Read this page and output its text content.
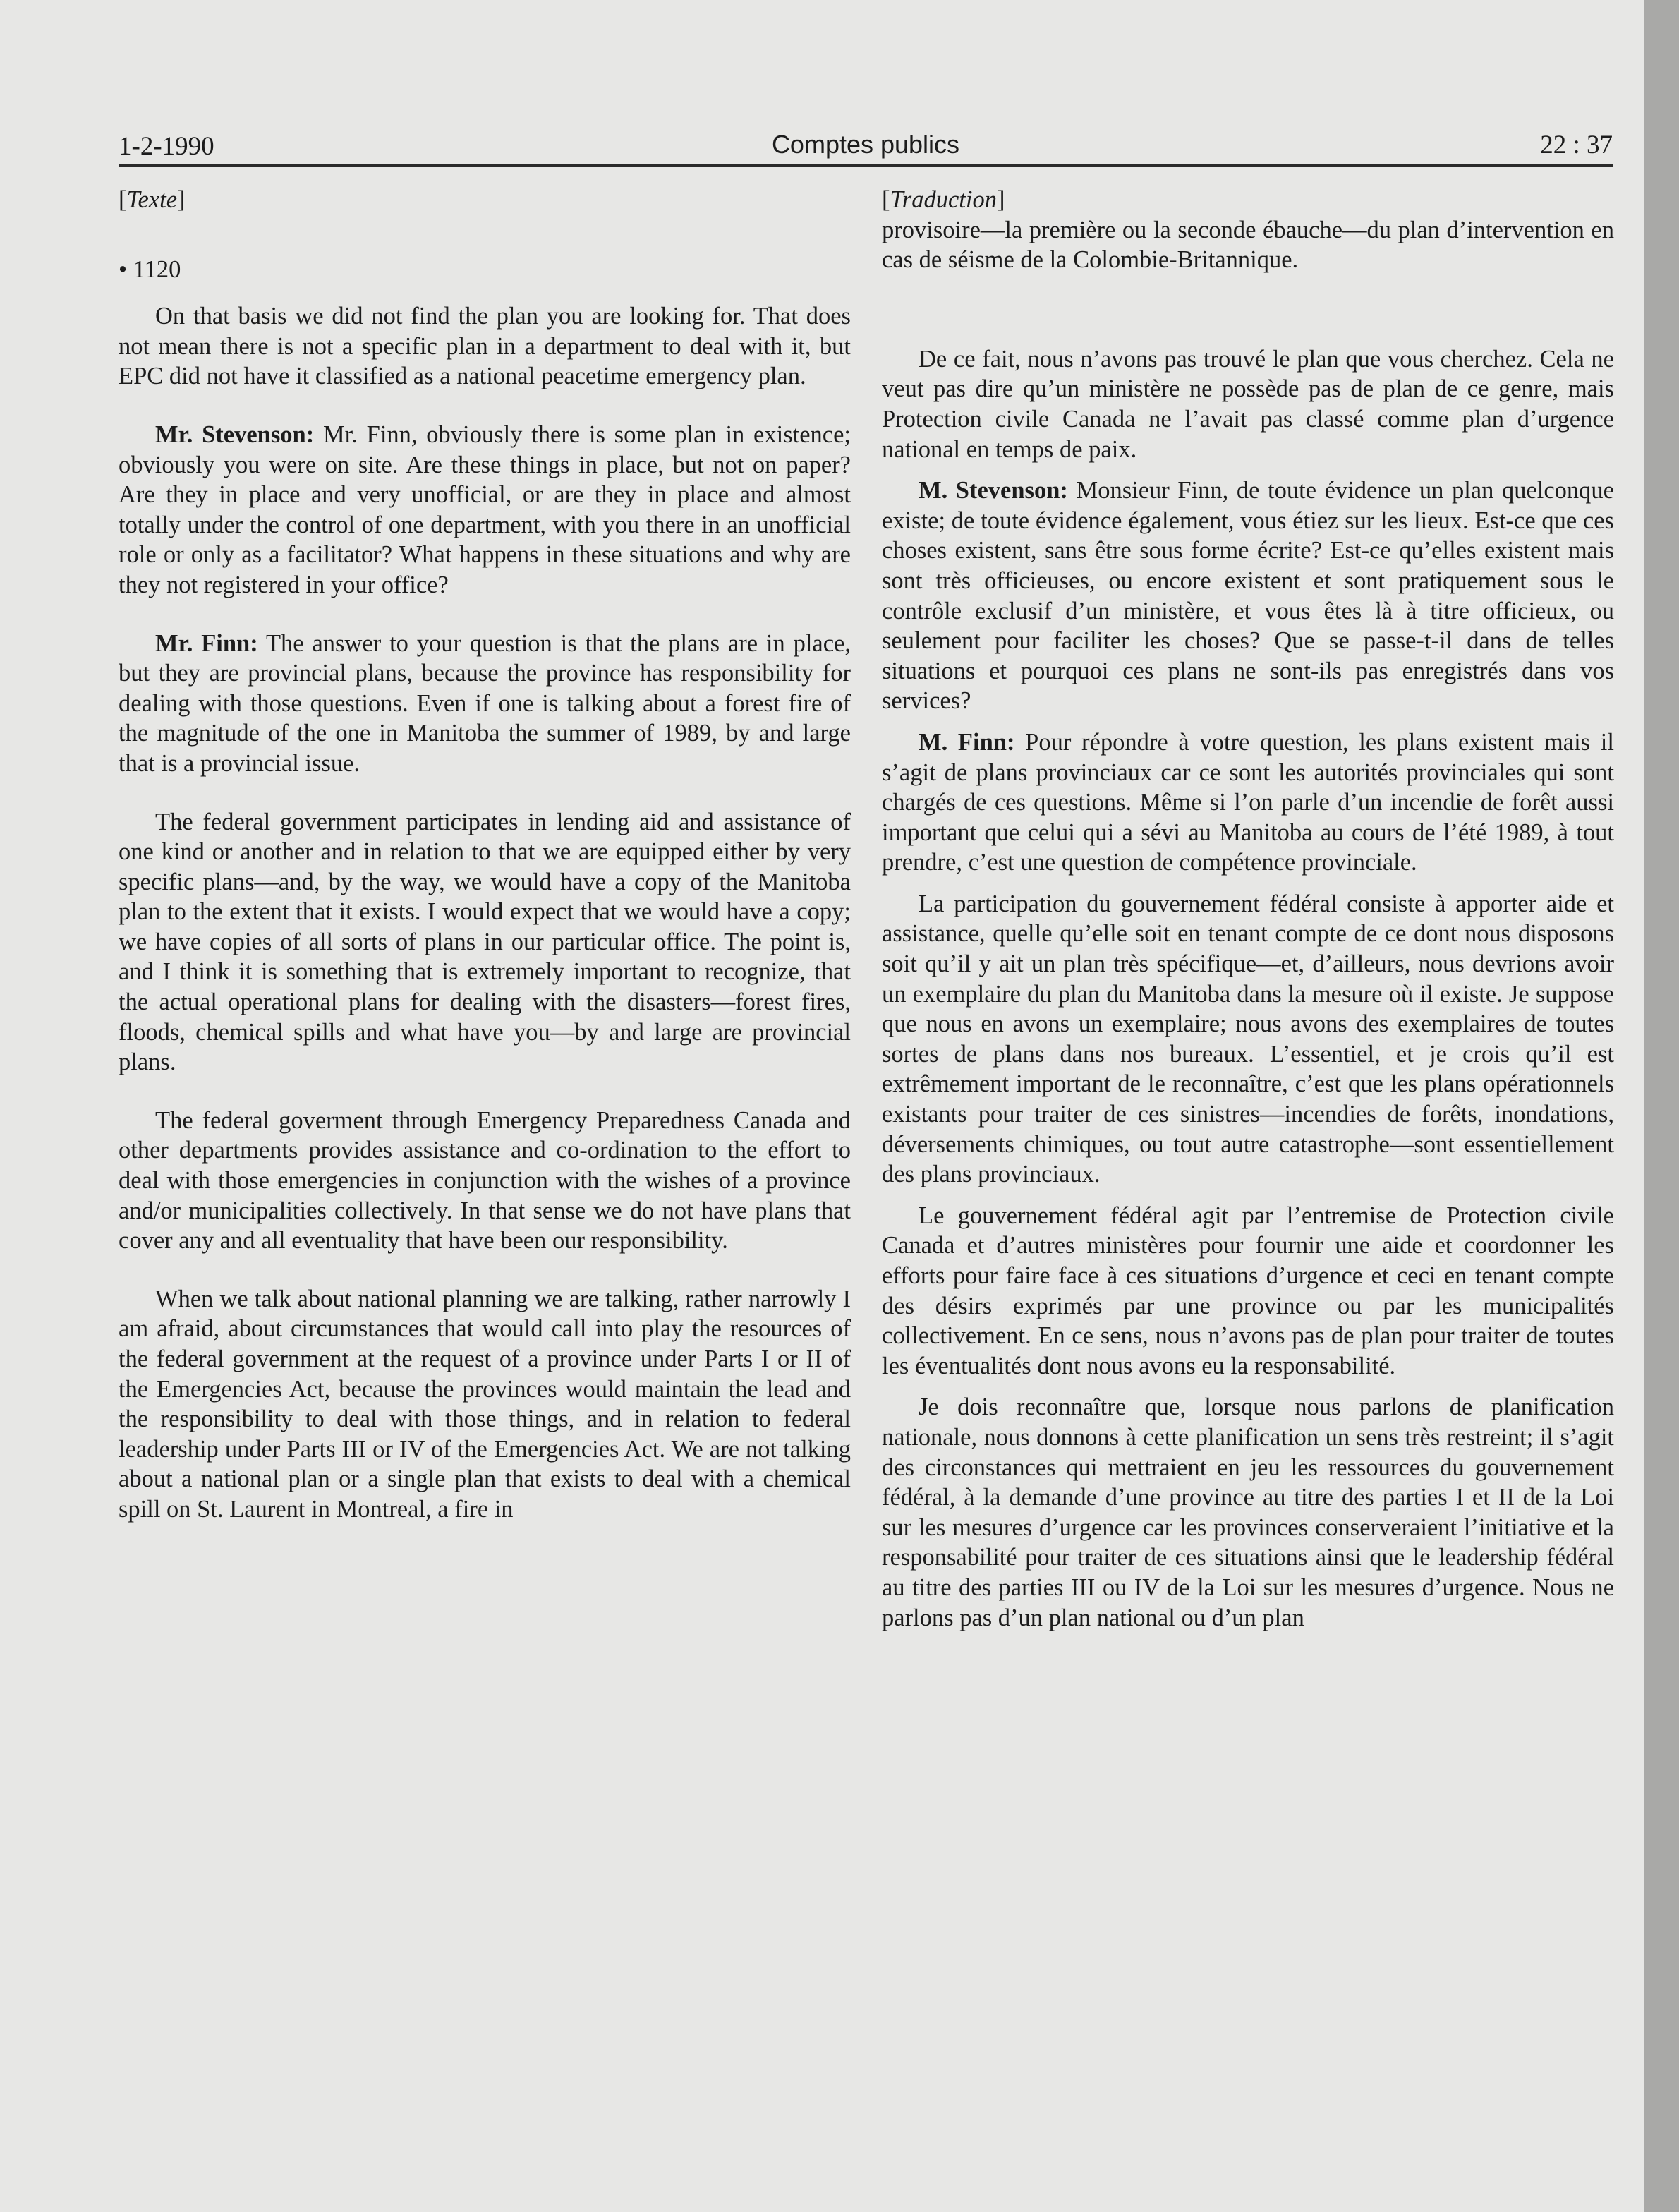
1-2-1990	Comptes publics	22 : 37

[Texte]

• 1120

On that basis we did not find the plan you are looking for. That does not mean there is not a specific plan in a department to deal with it, but EPC did not have it classified as a national peacetime emergency plan.

Mr. Stevenson: Mr. Finn, obviously there is some plan in existence; obviously you were on site. Are these things in place, but not on paper? Are they in place and very unofficial, or are they in place and almost totally under the control of one department, with you there in an unofficial role or only as a facilitator? What happens in these situations and why are they not registered in your office?

Mr. Finn: The answer to your question is that the plans are in place, but they are provincial plans, because the province has responsibility for dealing with those questions. Even if one is talking about a forest fire of the magnitude of the one in Manitoba the summer of 1989, by and large that is a provincial issue.

The federal government participates in lending aid and assistance of one kind or another and in relation to that we are equipped either by very specific plans—and, by the way, we would have a copy of the Manitoba plan to the extent that it exists. I would expect that we would have a copy; we have copies of all sorts of plans in our particular office. The point is, and I think it is something that is extremely important to recognize, that the actual operational plans for dealing with the disasters—forest fires, floods, chemical spills and what have you—by and large are provincial plans.

The federal goverment through Emergency Preparedness Canada and other departments provides assistance and co-ordination to the effort to deal with those emergencies in conjunction with the wishes of a province and/or municipalities collectively. In that sense we do not have plans that cover any and all eventuality that have been our responsibility.

When we talk about national planning we are talking, rather narrowly I am afraid, about circumstances that would call into play the resources of the federal government at the request of a province under Parts I or II of the Emergencies Act, because the provinces would maintain the lead and the responsibility to deal with those things, and in relation to federal leadership under Parts III or IV of the Emergencies Act. We are not talking about a national plan or a single plan that exists to deal with a chemical spill on St. Laurent in Montreal, a fire in

[Traduction]

provisoire—la première ou la seconde ébauche—du plan d’intervention en cas de séisme de la Colombie-Britannique.

De ce fait, nous n’avons pas trouvé le plan que vous cherchez. Cela ne veut pas dire qu’un ministère ne possède pas de plan de ce genre, mais Protection civile Canada ne l’avait pas classé comme plan d’urgence national en temps de paix.

M. Stevenson: Monsieur Finn, de toute évidence un plan quelconque existe; de toute évidence également, vous étiez sur les lieux. Est-ce que ces choses existent, sans être sous forme écrite? Est-ce qu’elles existent mais sont très officieuses, ou encore existent et sont pratiquement sous le contrôle exclusif d’un ministère, et vous êtes là à titre officieux, ou seulement pour faciliter les choses? Que se passe-t-il dans de telles situations et pourquoi ces plans ne sont-ils pas enregistrés dans vos services?

M. Finn: Pour répondre à votre question, les plans existent mais il s’agit de plans provinciaux car ce sont les autorités provinciales qui sont chargés de ces questions. Même si l’on parle d’un incendie de forêt aussi important que celui qui a sévi au Manitoba au cours de l’été 1989, à tout prendre, c’est une question de compétence provinciale.

La participation du gouvernement fédéral consiste à apporter aide et assistance, quelle qu’elle soit en tenant compte de ce dont nous disposons soit qu’il y ait un plan très spécifique—et, d’ailleurs, nous devrions avoir un exemplaire du plan du Manitoba dans la mesure où il existe. Je suppose que nous en avons un exemplaire; nous avons des exemplaires de toutes sortes de plans dans nos bureaux. L’essentiel, et je crois qu’il est extrêmement important de le reconnaître, c’est que les plans opérationnels existants pour traiter de ces sinistres—incendies de forêts, inondations, déversements chimiques, ou tout autre catastrophe—sont essentiellement des plans provinciaux.

Le gouvernement fédéral agit par l’entremise de Protection civile Canada et d’autres ministères pour fournir une aide et coordonner les efforts pour faire face à ces situations d’urgence et ceci en tenant compte des désirs exprimés par une province ou par les municipalités collectivement. En ce sens, nous n’avons pas de plan pour traiter de toutes les éventualités dont nous avons eu la responsabilité.

Je dois reconnaître que, lorsque nous parlons de planification nationale, nous donnons à cette planification un sens très restreint; il s’agit des circonstances qui mettraient en jeu les ressources du gouvernement fédéral, à la demande d’une province au titre des parties I et II de la Loi sur les mesures d’urgence car les provinces conserveraient l’initiative et la responsabilité pour traiter de ces situations ainsi que le leadership fédéral au titre des parties III ou IV de la Loi sur les mesures d’urgence. Nous ne parlons pas d’un plan national ou d’un plan
